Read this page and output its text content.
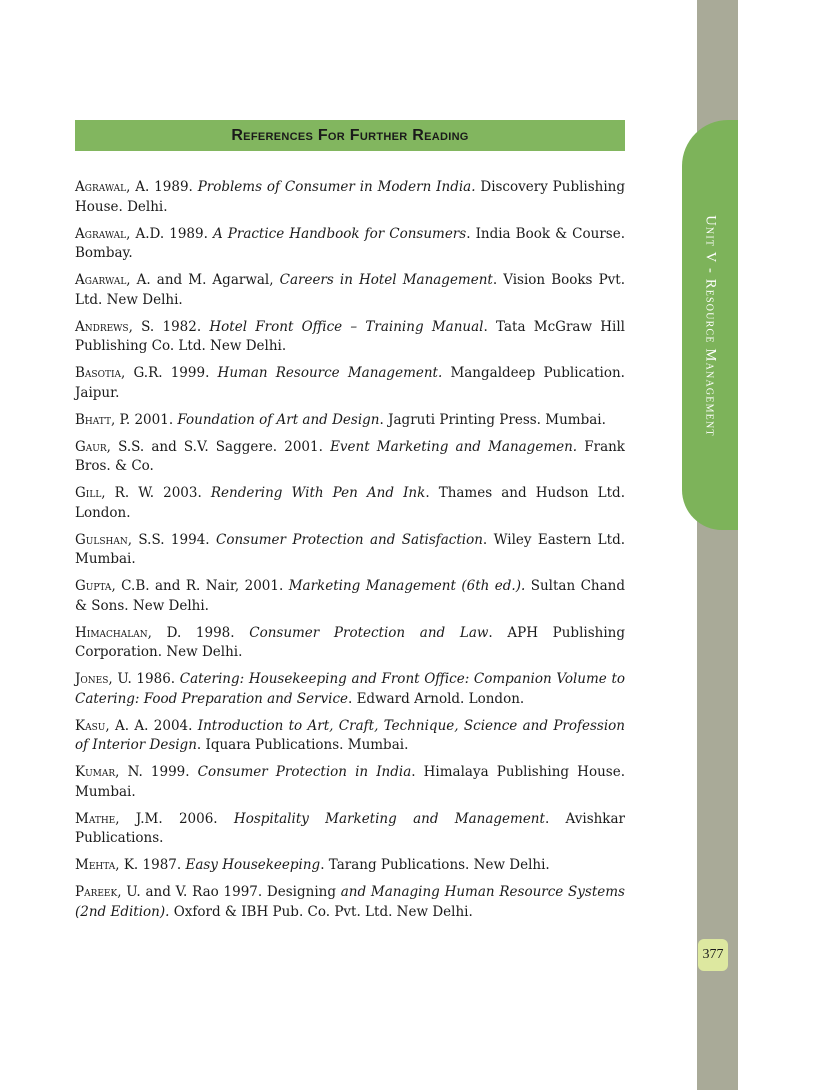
Unit V - Resource Management
377
References For Further Reading

Agrawal, A. 1989. Problems of Consumer in Modern India. Discovery Publishing House. Delhi.

Agrawal, A.D. 1989. A Practice Handbook for Consumers. India Book & Course. Bombay.

Agarwal, A. and M. Agarwal, Careers in Hotel Management. Vision Books Pvt. Ltd. New Delhi.

Andrews, S. 1982. Hotel Front Office – Training Manual. Tata McGraw Hill Publishing Co. Ltd. New Delhi.

Basotia, G.R. 1999. Human Resource Management. Mangaldeep Publication. Jaipur.

Bhatt, P. 2001. Foundation of Art and Design. Jagruti Printing Press. Mumbai.

Gaur, S.S. and S.V. Saggere. 2001. Event Marketing and Managemen. Frank Bros. & Co.

Gill, R. W. 2003. Rendering With Pen And Ink. Thames and Hudson Ltd. London.

Gulshan, S.S. 1994. Consumer Protection and Satisfaction. Wiley Eastern Ltd. Mumbai.

Gupta, C.B. and R. Nair, 2001. Marketing Management (6th ed.). Sultan Chand & Sons. New Delhi.

Himachalan, D. 1998. Consumer Protection and Law. APH Publishing Corporation. New Delhi.

Jones, U. 1986. Catering: Housekeeping and Front Office: Companion Volume to Catering: Food Preparation and Service. Edward Arnold. London.

Kasu, A. A. 2004. Introduction to Art, Craft, Technique, Science and Profession of Interior Design. Iquara Publications. Mumbai.

Kumar, N. 1999. Consumer Protection in India. Himalaya Publishing House. Mumbai.

Mathe, J.M. 2006. Hospitality Marketing and Management. Avishkar Publications.

Mehta, K. 1987. Easy Housekeeping. Tarang Publications. New Delhi.

Pareek, U. and V. Rao 1997. Designing and Managing Human Resource Systems (2nd Edition). Oxford & IBH Pub. Co. Pvt. Ltd. New Delhi.
